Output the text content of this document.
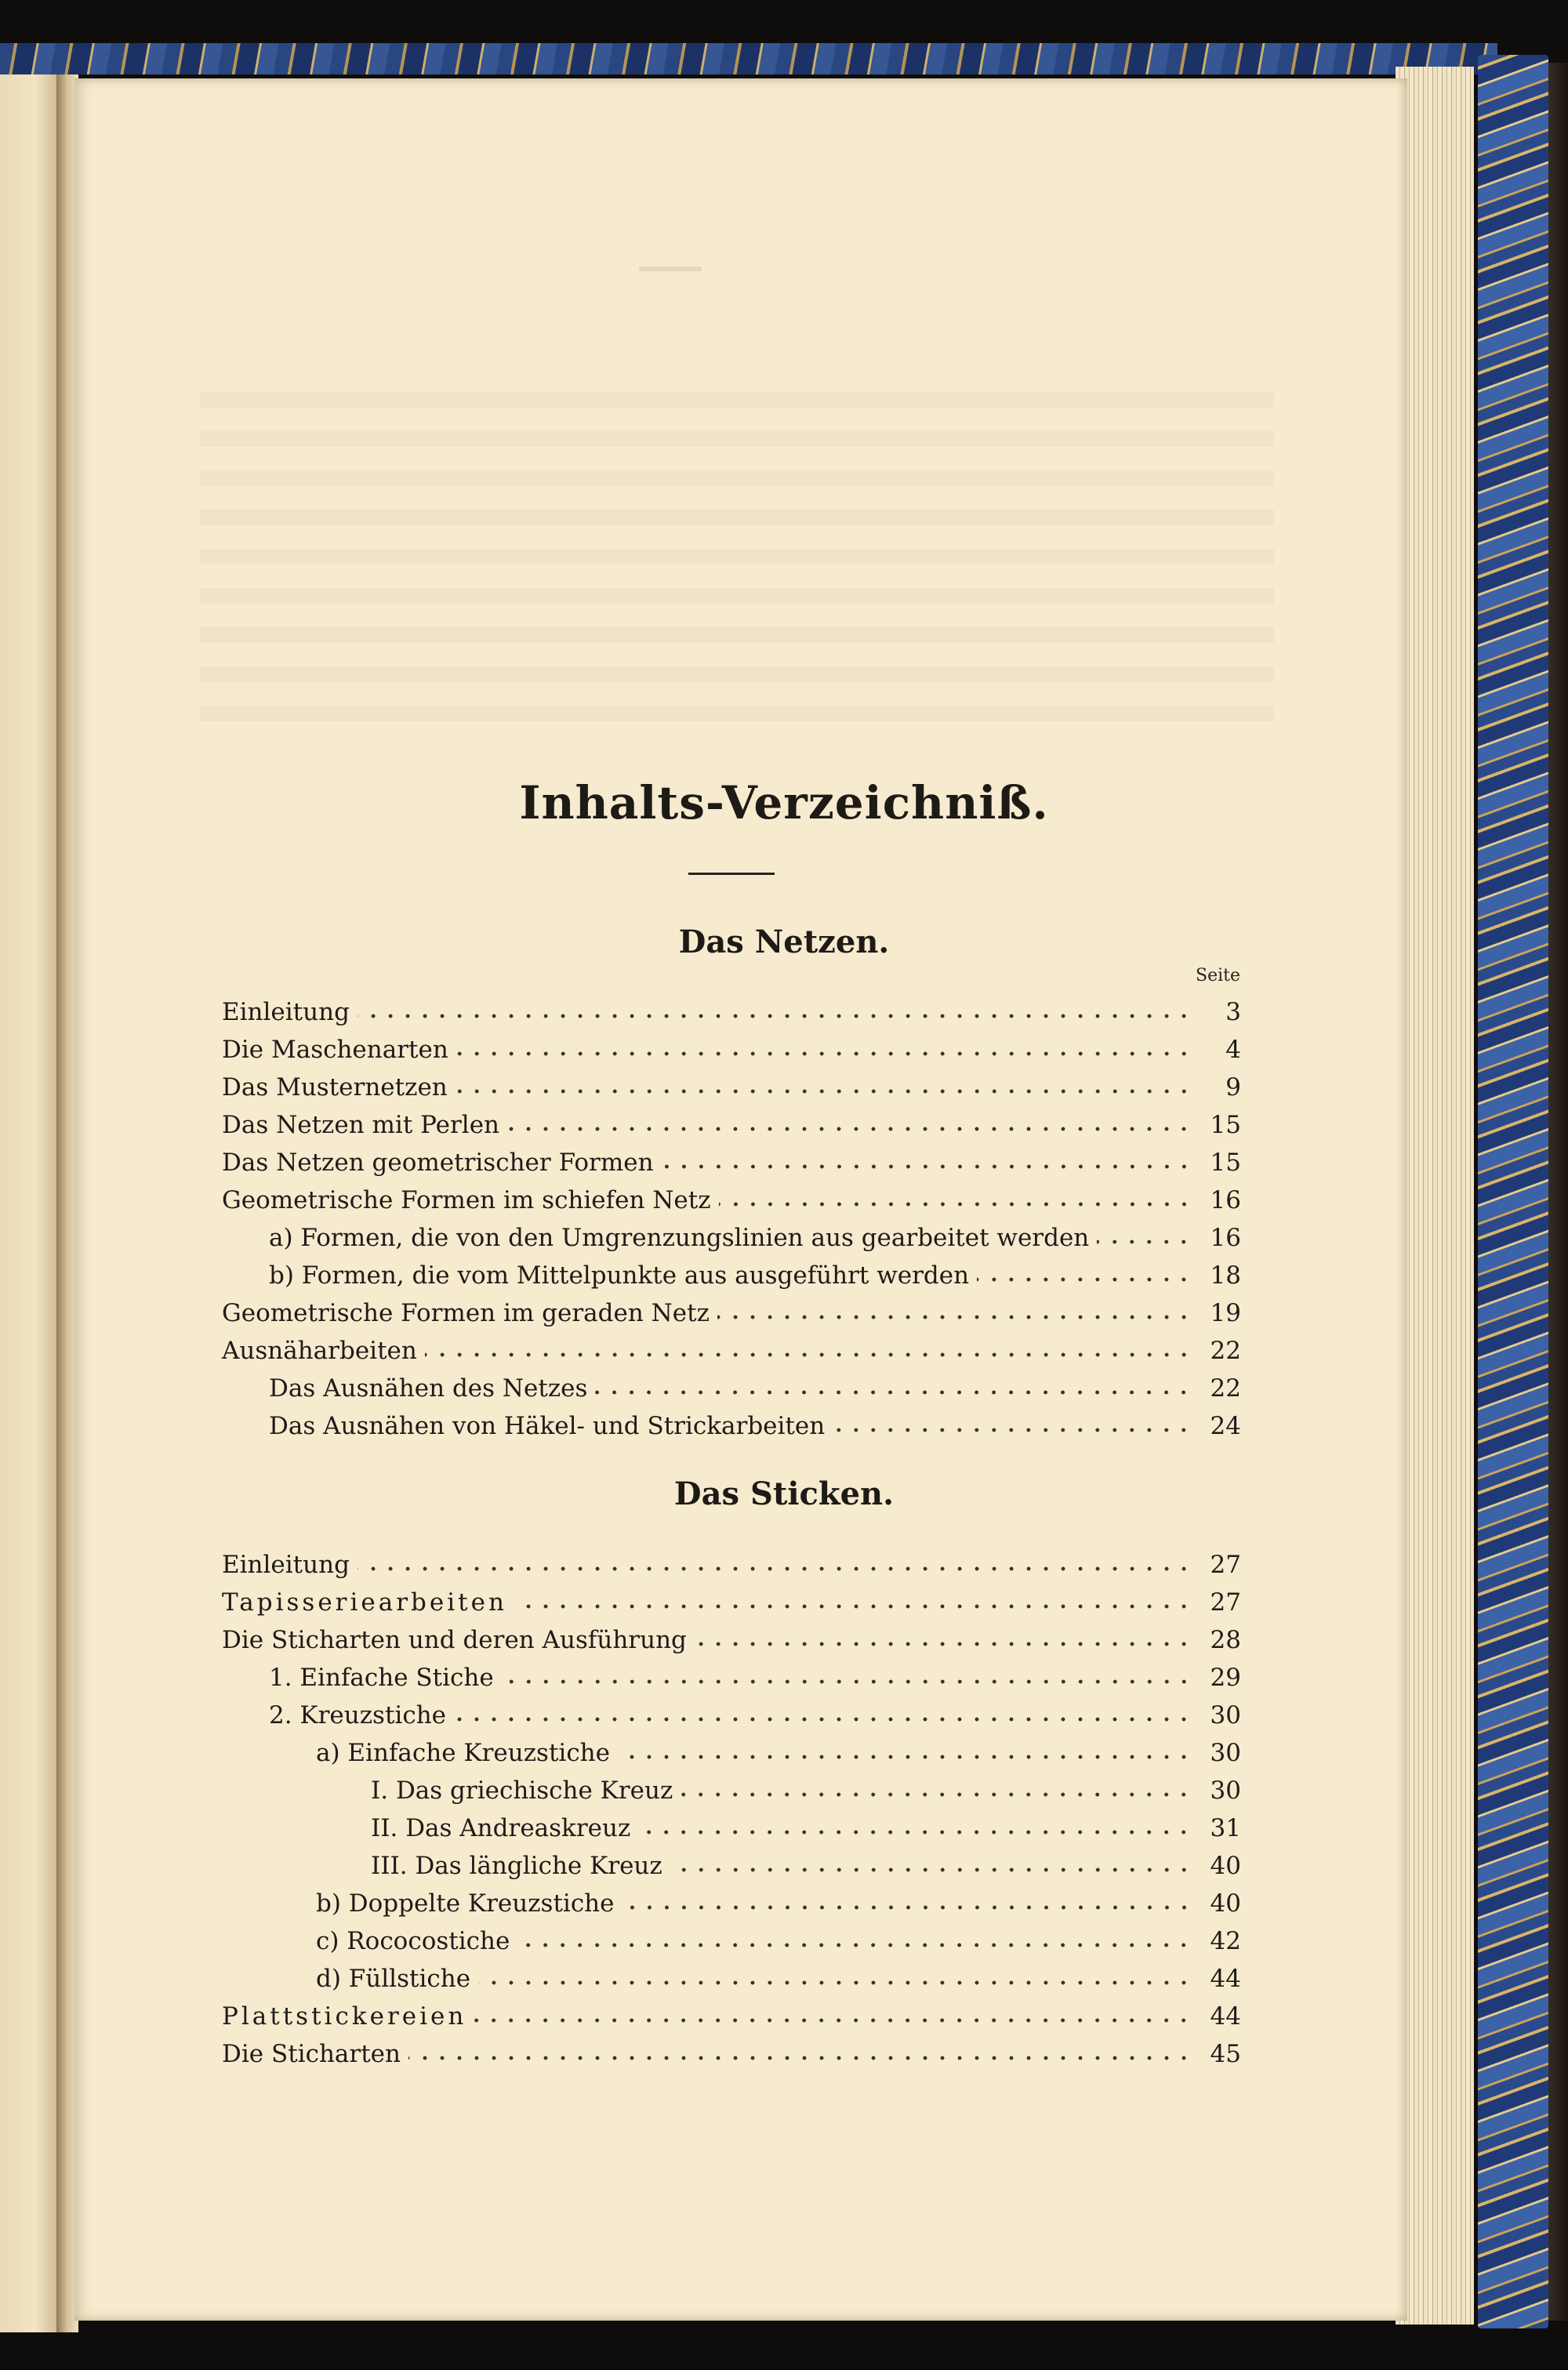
Inhalts-Verzeichniß.
Das Netzen.
Seite
Einleitung	3
Die Maschenarten	4
Das Musternetzen	9
Das Netzen mit Perlen	15
Das Netzen geometrischer Formen	15
Geometrische Formen im schiefen Netz	16
a) Formen, die von den Umgrenzungslinien aus gearbeitet werden	16
b) Formen, die vom Mittelpunkte aus ausgeführt werden	18
Geometrische Formen im geraden Netz	19
Ausnäharbeiten	22
Das Ausnähen des Netzes	22
Das Ausnähen von Häkel- und Strickarbeiten	24
Das Sticken.
Einleitung	27
Tapisseriearbeiten	27
Die Sticharten und deren Ausführung	28
1. Einfache Stiche	29
2. Kreuzstiche	30
a) Einfache Kreuzstiche	30
I. Das griechische Kreuz	30
II. Das Andreaskreuz	31
III. Das längliche Kreuz	40
b) Doppelte Kreuzstiche	40
c) Rococostiche	42
d) Füllstiche	44
Plattstickereien	44
Die Sticharten	45
